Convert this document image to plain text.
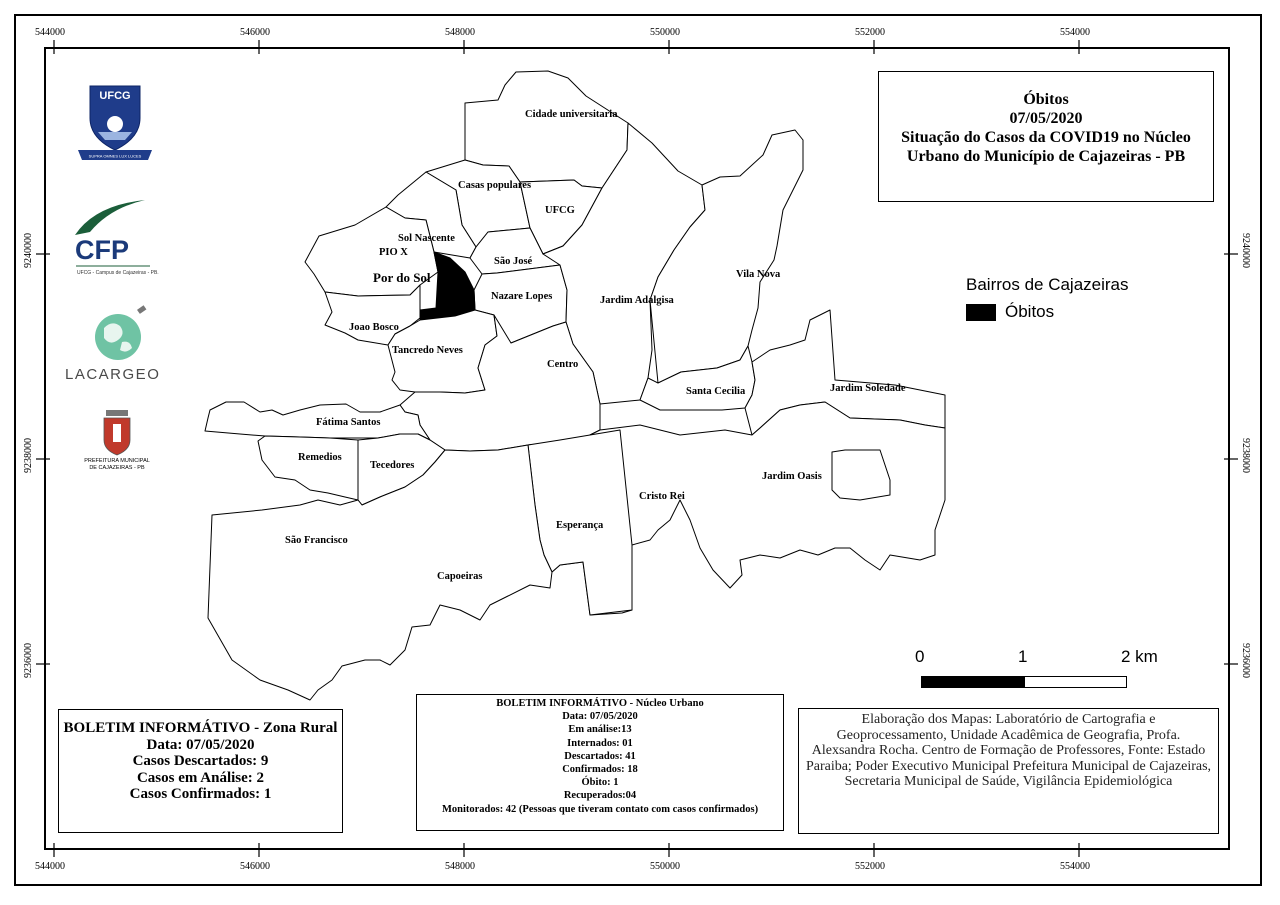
544000	546000	548000	550000	552000	554000
544000	546000	548000	550000	552000	554000
9240000
9238000
9236000
9240000
9238000
9236000
Cidade universitaria
Casas populares
UFCG
Sol Nascente
PIO X
São José
Por do Sol
Nazare Lopes	Jardim Adalgisa
Vila Nova
Joao Bosco
Tancredo Neves
Centro
Santa Cecilia	Jardim Soledade
Fátima Santos
Remedios
Tecedores
Cristo Rei
Jardim Oasis
Esperança
São Francisco
Capoeiras
UFCG
SUPRA OMNES LUX LUCES
CFP
UFCG - Campus de Cajazeiras - PB.
LACARGEO
PREFEITURA MUNICIPAL
DE CAJAZEIRAS - PB
Óbitos
07/05/2020
Situação do Casos da COVID19 no Núcleo
Urbano do Município de Cajazeiras - PB
Bairros de Cajazeiras
Óbitos
0	1	2 km
BOLETIM INFORMÁTIVO - Zona Rural
Data: 07/05/2020
Casos Descartados: 9
Casos em Análise: 2
Casos Confirmados: 1
BOLETIM INFORMÁTIVO - Núcleo Urbano
Data: 07/05/2020
Em análise:13
Internados: 01
Descartados: 41
Confirmados: 18
Óbito: 1
Recuperados:04
Monitorados: 42 (Pessoas que tiveram contato com casos confirmados)
Elaboração dos Mapas: Laboratório de Cartografia e Geoprocessamento, Unidade Acadêmica de Geografia, Profa. Alexsandra Rocha. Centro de Formação de Professores, Fonte: Estado Paraiba; Poder Executivo Municipal Prefeitura Municipal de Cajazeiras, Secretaria Municipal de Saúde, Vigilância Epidemiológica
